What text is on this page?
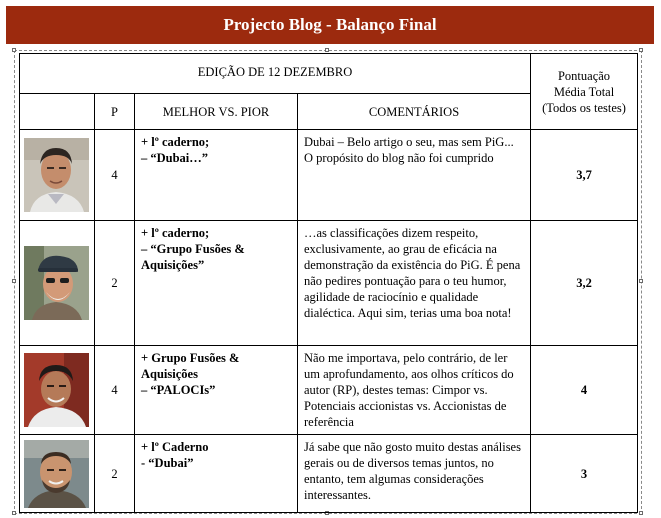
Projecto Blog - Balanço Final
EDIÇÃO DE 12 DEZEMBRO				Pontuação
Média Total
(Todos os testes)

	P	MELHOR VS. PIOR	COMENTÁRIOS	

	4	+ lº caderno;
– “Dubai…”	Dubai – Belo artigo o seu, mas sem PiG... O propósito do blog não foi cumprido	3,7

	2	+ lº caderno;
– “Grupo Fusões & Aquisições”	…as classificações dizem respeito, exclusivamente, ao grau de eficácia na demonstração da existência do PiG. É pena não pedires pontuação para o teu humor, agilidade de raciocínio e qualidade dialéctica. Aqui sim, terias uma boa nota!	3,2

	4	+ Grupo Fusões & Aquisições
– “PALOCIs”	Não me importava, pelo contrário, de ler um aprofundamento, aos olhos críticos do autor (RP), destes temas: Cimpor vs. Potenciais accionistas vs. Accionistas de referência	4

	2	+ lº Caderno
- “Dubai”	Já sabe que não gosto muito destas análises gerais ou de diversos temas juntos, no entanto, tem algumas considerações interessantes.	3
